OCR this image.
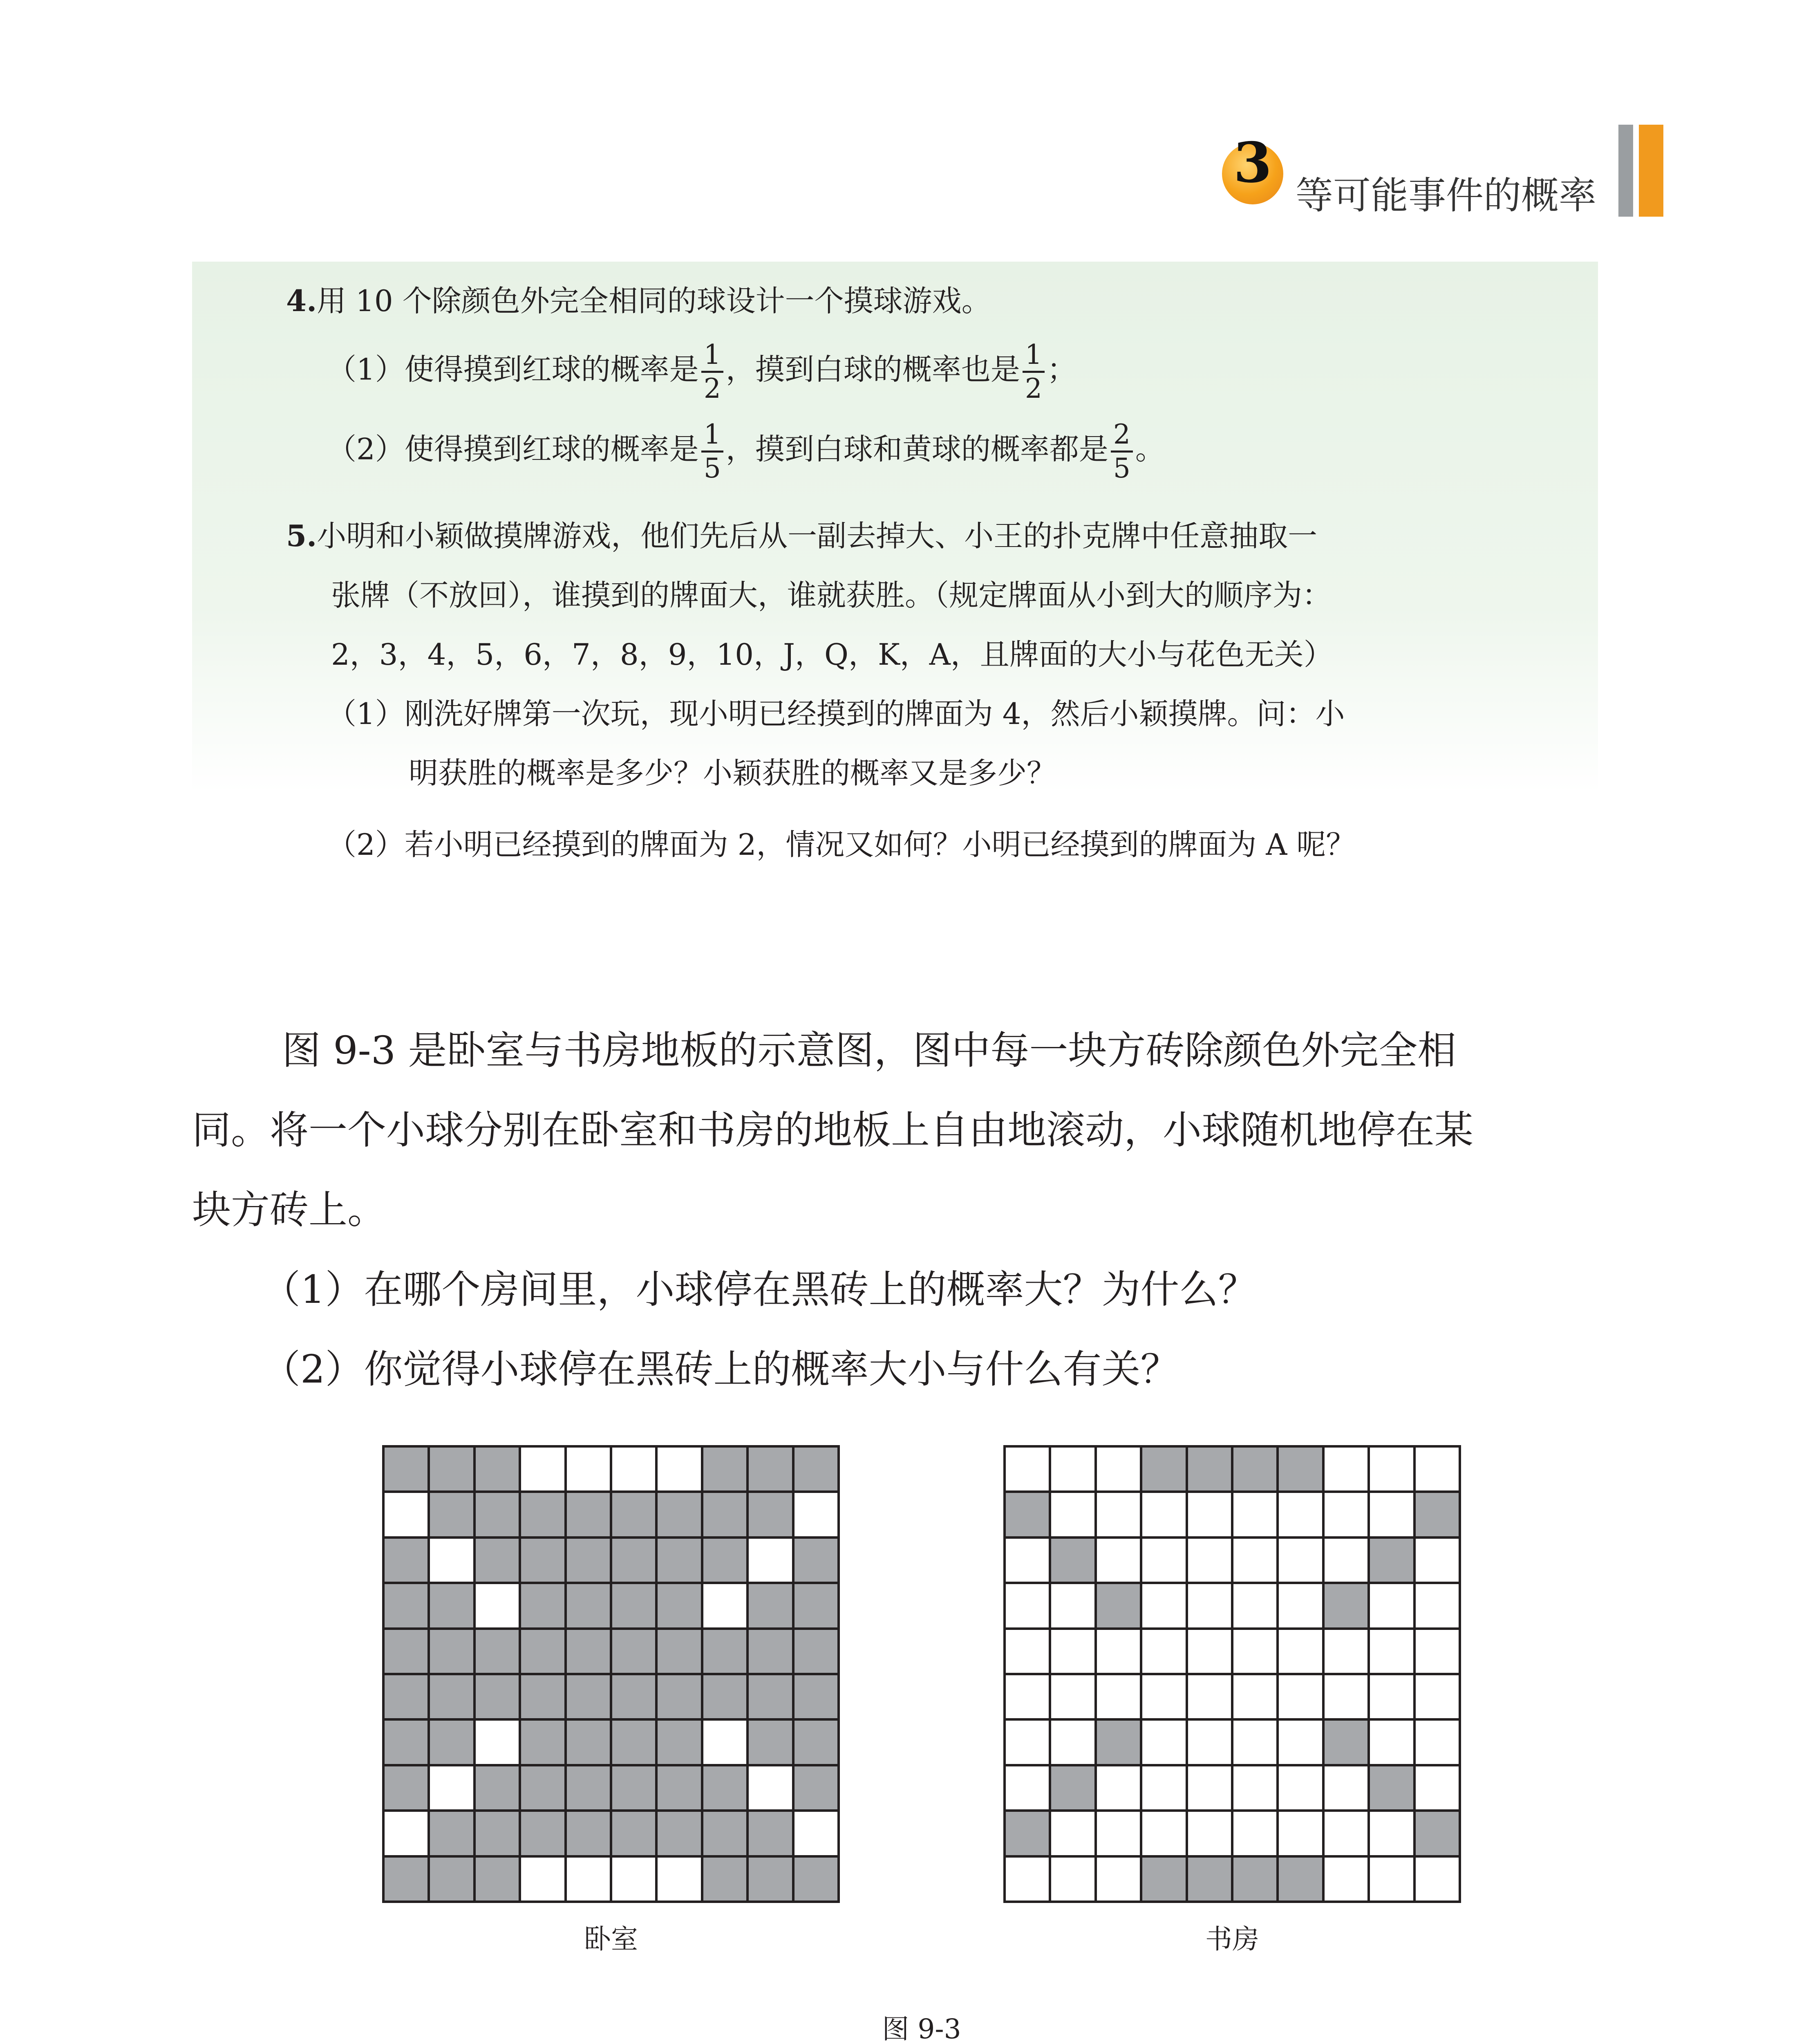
3
等可能事件的概率
4.用 10 个除颜色外完全相同的球设计一个摸球游戏。
（1）使得摸到红球的概率是 $\frac{1}{2}$ ，摸到白球的概率也是 $\frac{1}{2}$ ；
（2）使得摸到红球的概率是 $\frac{1}{5}$ ，摸到白球和黄球的概率都是 $\frac{2}{5}$ 。
5.小明和小颖做摸牌游戏，他们先后从一副去掉大、小王的扑克牌中任意抽取一
张牌（不放回），谁摸到的牌面大，谁就获胜。（规定牌面从小到大的顺序为：
2，3，4，5，6，7，8，9，10，J，Q，K，A，且牌面的大小与花色无关）
（1）刚洗好牌第一次玩，现小明已经摸到的牌面为 4，然后小颖摸牌。问：小
明获胜的概率是多少？小颖获胜的概率又是多少？
（2）若小明已经摸到的牌面为 2，情况又如何？小明已经摸到的牌面为 A 呢？
图 9-3 是卧室与书房地板的示意图，图中每一块方砖除颜色外完全相
同。将一个小球分别在卧室和书房的地板上自由地滚动，小球随机地停在某
块方砖上。
（1）在哪个房间里，小球停在黑砖上的概率大？为什么？
（2）你觉得小球停在黑砖上的概率大小与什么有关？
卧室	书房
图 9-3
